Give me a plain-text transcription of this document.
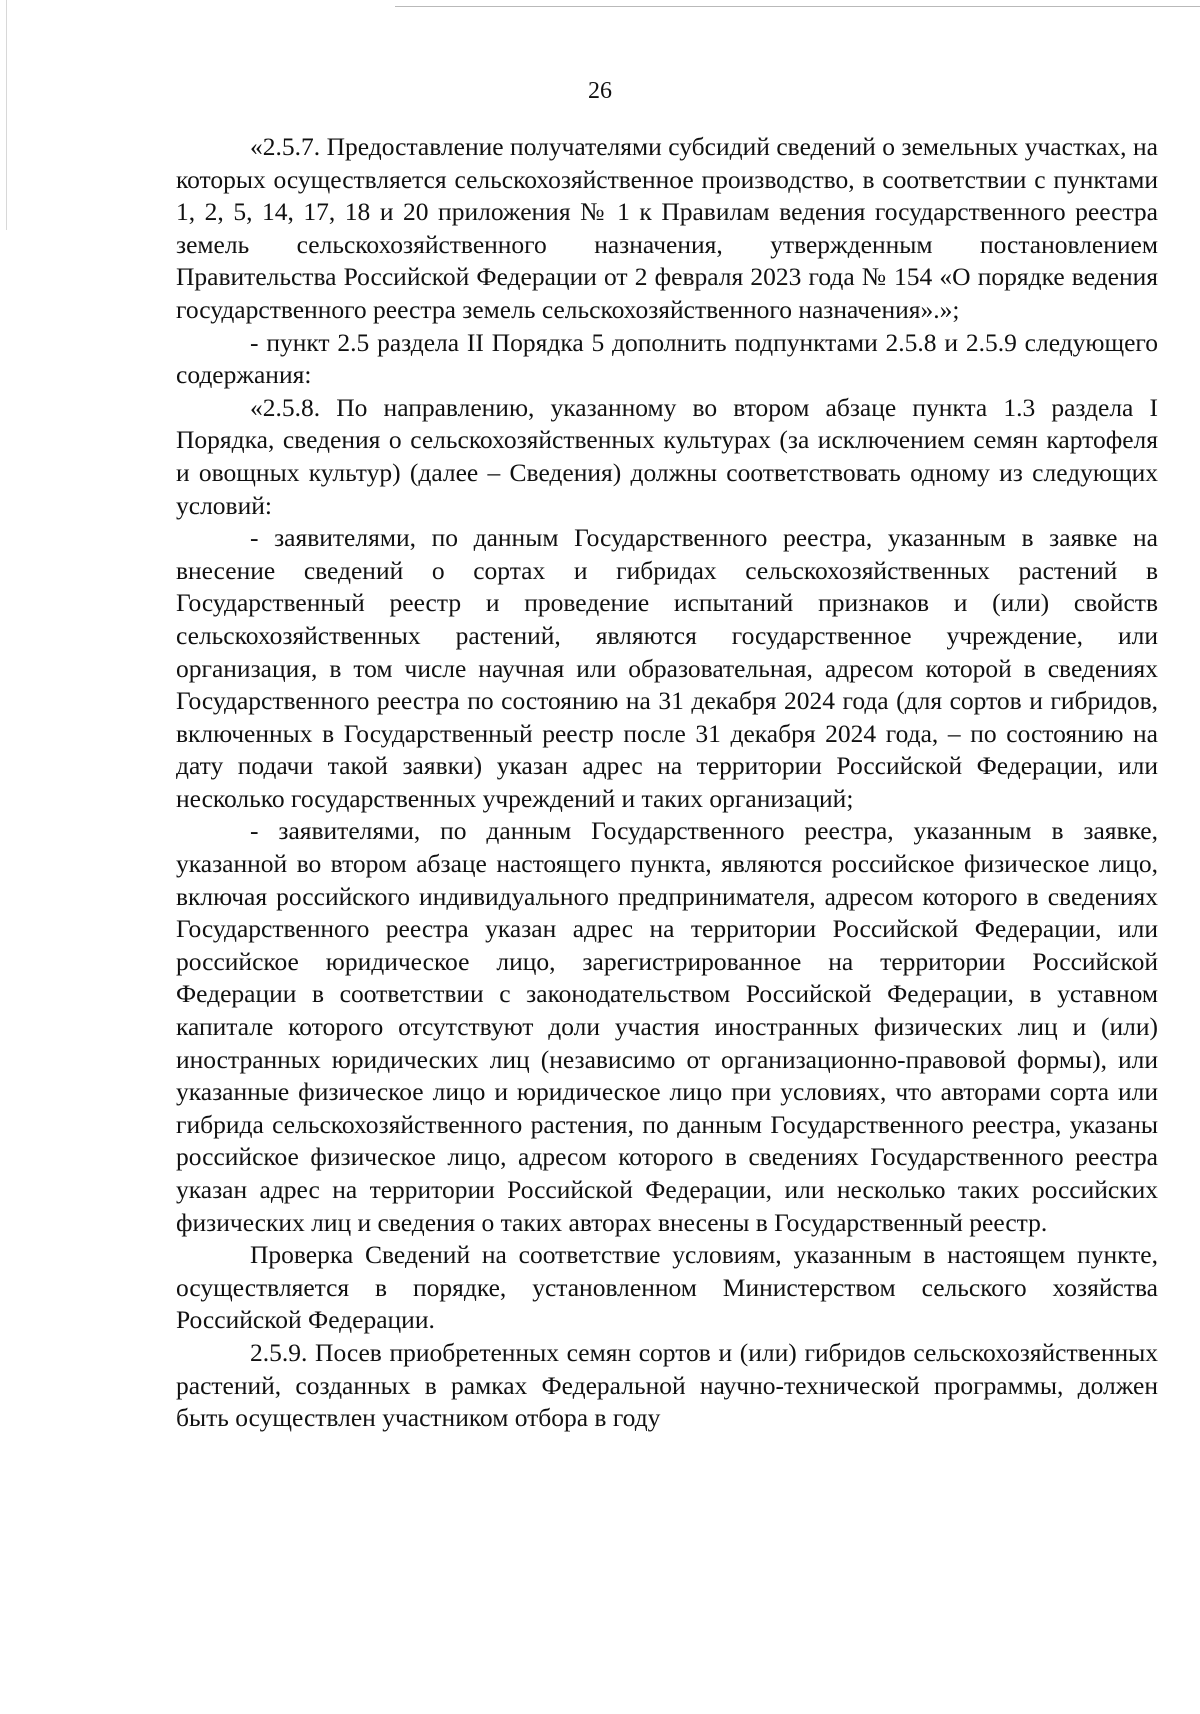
26

«2.5.7. Предоставление получателями субсидий сведений о земельных участках, на которых осуществляется сельскохозяйственное производство, в соответствии с пунктами 1, 2, 5, 14, 17, 18 и 20 приложения № 1 к Правилам ведения государственного реестра земель сельскохозяйственного назначения, утвержденным постановлением Правительства Российской Федерации от 2 февраля 2023 года № 154 «О порядке ведения государственного реестра земель сельскохозяйственного назначения».»;

- пункт 2.5 раздела II Порядка 5 дополнить подпунктами 2.5.8 и 2.5.9 следующего содержания:

«2.5.8. По направлению, указанному во втором абзаце пункта 1.3 раздела I Порядка, сведения о сельскохозяйственных культурах (за исключением семян картофеля и овощных культур) (далее – Сведения) должны соответствовать одному из следующих условий:

- заявителями, по данным Государственного реестра, указанным в заявке на внесение сведений о сортах и гибридах сельскохозяйственных растений в Государственный реестр и проведение испытаний признаков и (или) свойств сельскохозяйственных растений, являются государственное учреждение, или организация, в том числе научная или образовательная, адресом которой в сведениях Государственного реестра по состоянию на 31 декабря 2024 года (для сортов и гибридов, включенных в Государственный реестр после 31 декабря 2024 года, – по состоянию на дату подачи такой заявки) указан адрес на территории Российской Федерации, или несколько государственных учреждений и таких организаций;

- заявителями, по данным Государственного реестра, указанным в заявке, указанной во втором абзаце настоящего пункта, являются российское физическое лицо, включая российского индивидуального предпринимателя, адресом которого в сведениях Государственного реестра указан адрес на территории Российской Федерации, или российское юридическое лицо, зарегистрированное на территории Российской Федерации в соответствии с законодательством Российской Федерации, в уставном капитале которого отсутствуют доли участия иностранных физических лиц и (или) иностранных юридических лиц (независимо от организационно-правовой формы), или указанные физическое лицо и юридическое лицо при условиях, что авторами сорта или гибрида сельскохозяйственного растения, по данным Государственного реестра, указаны российское физическое лицо, адресом которого в сведениях Государственного реестра указан адрес на территории Российской Федерации, или несколько таких российских физических лиц и сведения о таких авторах внесены в Государственный реестр.

Проверка Сведений на соответствие условиям, указанным в настоящем пункте, осуществляется в порядке, установленном Министерством сельского хозяйства Российской Федерации.

2.5.9. Посев приобретенных семян сортов и (или) гибридов сельскохозяйственных растений, созданных в рамках Федеральной научно-технической программы, должен быть осуществлен участником отбора в году
